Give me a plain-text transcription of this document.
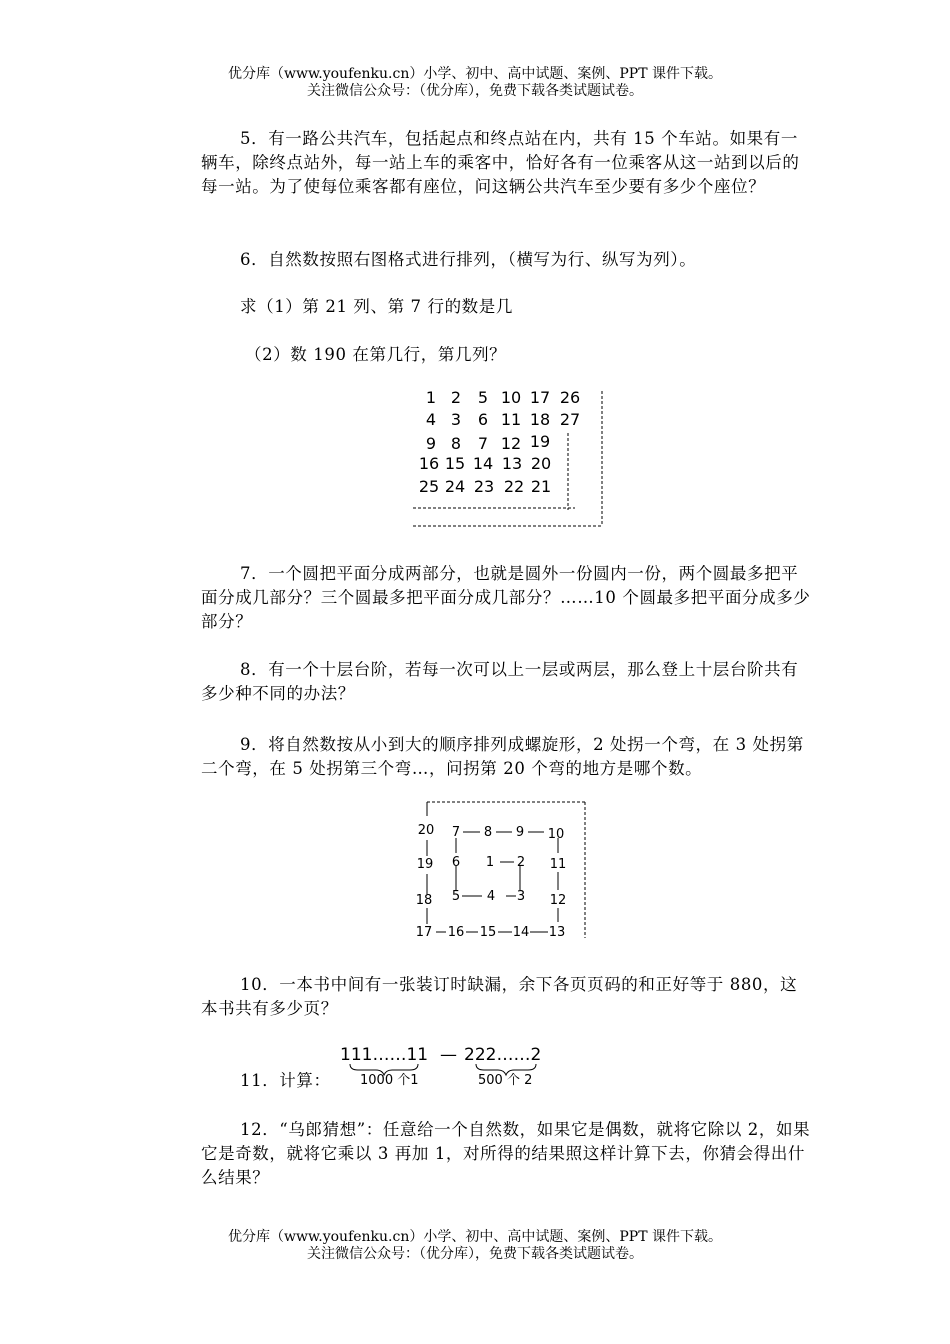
优分库（www.youfenku.cn）小学、初中、高中试题、案例、PPT 课件下载。
关注微信公众号：（优分库），免费下载各类试题试卷。
5．有一路公共汽车，包括起点和终点站在内，共有 15 个车站。如果有一辆车，除终点站外，每一站上车的乘客中，恰好各有一位乘客从这一站到以后的每一站。为了使每位乘客都有座位，问这辆公共汽车至少要有多少个座位？
6．自然数按照右图格式进行排列，（横写为行、纵写为列）。
求（1）第 21 列、第 7 行的数是几
（2）数 190 在第几行，第几列？
1 2 5 10 17 26
4 3 6 11 18 27
9 8 7 12 19
16 15 14 13 20
25 24 23 22 21
7．一个圆把平面分成两部分，也就是圆外一份圆内一份，两个圆最多把平面分成几部分？三个圆最多把平面分成几部分？……10 个圆最多把平面分成多少部分？
8．有一个十层台阶，若每一次可以上一层或两层，那么登上十层台阶共有多少种不同的办法？
9．将自然数按从小到大的顺序排列成螺旋形，2 处拐一个弯，在 3 处拐第二个弯，在 5 处拐第三个弯…，问拐第 20 个弯的地方是哪个数。
1 2
3
4
5
6
7 8 9 10
11
12
13
14
15
16
17
18
19
20
10．一本书中间有一张装订时缺漏，余下各页页码的和正好等于 880，这本书共有多少页？
11．计算：
111……11 — 222……2
1000 个1	500 个 2
12．“乌郎猜想”：任意给一个自然数，如果它是偶数，就将它除以 2，如果它是奇数，就将它乘以 3 再加 1，对所得的结果照这样计算下去，你猜会得出什么结果？
优分库（www.youfenku.cn）小学、初中、高中试题、案例、PPT 课件下载。
关注微信公众号：（优分库），免费下载各类试题试卷。
